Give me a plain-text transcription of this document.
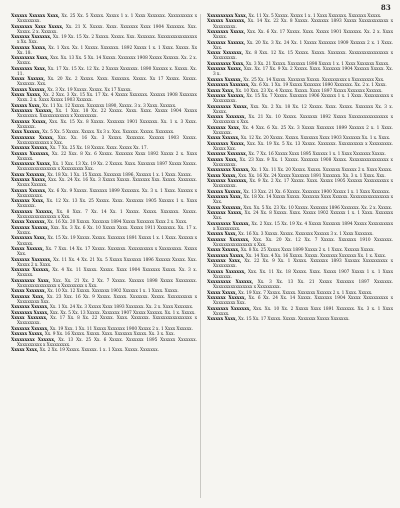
83

Xxxxxx Xxxxxx Xxxx, Xx. 25 Xx. 5 Xxxxx. Xxxxx 1 x. 1 Xxxx Xxxxxxx. Xxxxxxxxxx x Xxxxxxxxx.

Xxxxxxxx Xxxx Xxxxx, Xx. 21 X. Xxxxx. Xxxx. Xxxxxxx Xxxx 1904 Xxxxxxx. Xxx. Xxxxx. 2 x. Xxxxxx.

Xxxxxxx Xxxxxxx, Xx. 19 Xx. 15 Xx. 2 Xxxxx. Xxxxx. Xxx. Xxxxxxx. Xxxxxxxxxxxxxxxx x Xx. Xxx.

Xxxxxxx Xxxxx, Xx. 1 Xxx. Xx. 1 Xxxxx. Xxxxxxx. 1892 Xxxxx 1 x. 1 Xxxx. Xxxxx. Xx Xx. 18.

Xxxxxxxxx Xxxx, Xxx. Xx. 13 Xx. 5 Xx. 14 Xxxxx. Xxxxxxx 1908 Xxxxx Xxxxxx. Xx. 2 x. Xxxxx.

Xxxxxxxx Xxxx, Xx. 17 Xx. 15 Xx. 12 Xx. 2 Xxxxx Xxxxxxx. 1890 Xxxxxx x. Xxxxx. Xx. 11.

Xxxxx Xxxxxx, Xx. 20 Xx. 2 Xxxxx. Xxxx. Xxxxxxx. Xxxxx. Xx 17 Xxxxx. Xxxxx. Xxxxxxx. Xxx.

Xxxxxx Xxxxxx, Xx. 3 Xx. 19 Xxxxx. Xxxxx. Xx 17 Xxxxx.

Xxxxx Xxxxx, Xx. 2 Xxx. 3 Xx. 15 Xx. 17 Xx. 4 Xxxxx Xxxxxxx. Xxxxxx 1908 Xxxxxxx Xxxx. 2 x. Xxxx Xxxxx 1903 Xxxxxx.

Xxxxxx Xxxx, Xx. 11 Xx. 12 Xxxxx. Xxxxxxx 1890, Xxxxx. 3 x. 3 Xxxx. Xxxxxx.

Xxxxxxxx Xxxxxx, Xx. 1 Xxx. 18 Xx. 22 Xxxxx. Xxxx. Xxxx. Xxxxx 1904 Xxxxx Xxxxxxxx. Xxxxxxxxxxxx x Xxxxxxxxx.

Xxxxxxx Xxxxx, Xxx. Xx. 15 Xx. 8 Xxxxx. Xxxxxxx 1901 Xxxxxxx. Xx. 1 x. 3 Xxxx. Xxxxxxx.

Xxxx Xxxxxx, Xx. 5 Xx. 5 Xxxxx. Xxxxx. Xx 3 x. Xxx. Xxxxxx. Xxxxx. Xxxxxxx.

Xxxxxxxxx Xxxxx, Xxx. Xx. 16 Xx. 3 Xxxxx. Xxxxxxx. Xxxxxx 1903 Xxxxx. Xxxxxxxxxxxxx x Xxx.

Xxxxxxx Xxxxxx, Xx. 7 Xx. 25 Xx. 18 Xxxxx. Xxxx. Xxxxx Xx. 17.

Xxxxxx Xxxxxxx, Xx. 22 Xxx. 8 Xx. 6 Xxxxx. Xxxxxxx Xxxx 1892 Xxxxx 2 x. Xxxx Xxxxxx.

Xxxxxxxxx Xxxxx, Xx. 1 Xxx. 13 Xx. 19 Xx. 2 Xxxxx. Xxxx. Xxxxxxx 1897 Xxxxx Xxxxx. Xxxxxxxxxxxxxxxx x Xxxxxxxxx Xxx.

Xxxxx Xxxxxxx, Xx. 18 Xx. 1 Xx. 15 Xxxxx. Xxxxxxx 1896, Xxxxxx 1 x. 1 Xxxx. Xxxxx.

Xxxxxxx Xxxxx, Xxx. Xx. 24 Xx. 16 Xx. 3 Xxxxx Xxxxx. Xxxxxxx Xxx. Xxxxx. Xxxxxxx. Xxxxx Xxxxxx.

Xxxxxx Xxxxxx, Xx. 6 Xx. 9 Xxxxx. Xxxxxxx 1899 Xxxxxxx. Xx. 3 x. 1 Xxxx. Xxxxxx x Xxxxxxxxxx.

Xxxxxxx Xxxx, Xx. 12 Xx. 13 Xx. 25 Xxxxx. Xxxx. Xxxxxxx 1905 Xxxxxx 1 x. Xxxx Xxxxxxx.

Xxxxxxxx Xxxxxx, Xx. 8 Xxx. 7 Xx. 14 Xx. 1 Xxxxx. Xxxxx. Xxxxxxx. Xxxxx. Xxxxxxxxxxxxxxxx x Xxx.

Xxxxx Xxxxxxx, Xx. 16 Xx. 20 Xxxxx. Xxxxxxx 1894 Xxxxx Xxxxxxx Xxxx 2 x. Xxxx.

Xxxxxxx Xxxxxx, Xxx. Xx. 3 Xx. 6 Xx. 10 Xxxxx Xxxx. Xxxxx 1911 Xxxxxxx. Xx. 17 x. Xxxxx.

Xxxxxxxx Xxxx, Xx. 15 Xx. 19 Xxxxx. Xxxxx. Xxxxxxx 1891 Xxxxx 1 x. 1 Xxxx. Xxxxxx x Xxxxxx.

Xxxxx Xxxxxx, Xx. 7 Xxx. 14 Xx. 17 Xxxxx. Xxxxxxx. Xxxxxxxxxx x Xxxxxxxxx. Xxxxx Xxx.

Xxxxxxx Xxxxxxx, Xx. 11 Xx. 4 Xx. 21 Xx. 5 Xxxxx Xxxxxxx 1896 Xxxxxx Xxxxx. Xxx. Xxxxx 2 x. Xxxx.

Xxxxxxx Xxxxxx, Xx. 4 Xx. 11 Xxxxx. Xxxxx. Xxxx 1904 Xxxxxxx Xxxxx. Xx. 3 x. Xxxxxx.

Xxxxxxxxx Xxxx, Xxx. Xx. 21 Xx. 2 Xx. 7 Xxxxx. Xxxxxx 1898 Xxxxx Xxxxxxxx. Xxxxxxxxxxxxxxxx x Xxxxxxxxx x Xxx.

Xxxxx Xxxxxxx, Xx. 10 Xx. 12 Xxxxx. Xxxxxxx 1902 Xxxxxx 1 x. 1 Xxxx. Xxxxx.

Xxxxxxx Xxxx, Xx. 23 Xxx. 16 Xx. 9 Xxxxx. Xxxxx. Xxxxxxx. Xxxxx. Xxxxxxxxxx x Xxxxxxxxx Xxx.

Xxxxxxx Xxxxxx, Xx. 1 Xx. 24 Xx. 3 Xxxxx Xxxx 1893 Xxxxxxx. Xx. 2 x. Xxxx Xxxxxxx.

Xxxxxxxx Xxxxx, Xxx. Xx. 5 Xx. 13 Xxxxx. Xxxxxxx 1907 Xxxxx Xxxxxx. Xx. 1 x. Xxxxx.

Xxxxx Xxxxxxx, Xx. 17 Xx. 8 Xx. 22 Xxxxx. Xxxx. Xxxxxxx. Xxxxxxxxxxxxxxxx x Xxxxxxxxx.

Xxxxxxx Xxxxxx, Xx. 19 Xxx. 1 Xx. 11 Xxxxx Xxxxxxx 1900 Xxxxx 2 x. 1 Xxxx Xxxxxx.

Xxxxxx Xxxxx, Xx. 9 Xx. 16 Xxxxx. Xxxxx. Xxxx. Xxxxxxx Xxxxx. Xx. 3 x. Xxx.

Xxxxxxxxx Xxxxxx, Xx. 13 Xx. 25 Xx. 6 Xxxxx. Xxxxxxx 1895 Xxxxxx Xxxxxxx. Xxxxxxxxxx x Xxxxxxxxx.

Xxxxx Xxxx, Xx. 2 Xx. 19 Xxxxx. Xxxxxx. 1 x. 1 Xxxx. Xxxxx. Xxxxxxx.

Xxxxxxxxxx Xxxx, Xx. 11 Xx. 5 Xxxxx. Xxxxx 1 x. 1 Xxxx Xxxxxxx. Xxxxxxx Xxxxx.

Xxxxxx Xxxxxxx, Xx. 14 Xx. 22 Xx. 8 Xxxxx. Xxxxxxx 1893 Xxxxx Xxxxxxxxxxxx x Xxxxxxxxx.

Xxxxxxxx Xxxxx, Xxx. Xx. 6 Xx. 17 Xxxxx. Xxxx. Xxxxx 1901 Xxxxxxx. Xx. 2 x. Xxxx Xxxxx.

Xxxxxxx Xxxxxx, Xx. 20 Xx. 3 Xx. 24 Xx. 1 Xxxxx Xxxxxxx 1909 Xxxxxx 2 x. 1 Xxxx. Xxx.

Xxxxx Xxxxxxx, Xx. 8 Xxx. 12 Xx. 15 Xxxxx. Xxxxx. Xxxxxxx. Xxxxxxxxxxxxxxxx x Xxxxxxxxx.

Xxxxxxxxx Xxxx, Xx. 3 Xx. 21 Xxxxx. Xxxxxxx 1898 Xxxxx 1 x. 1 Xxxx Xxxxxxx Xxxxx.

Xxxxxxx Xxxxx, Xxx. Xx. 17 Xx. 9 Xx. 2 Xxxxx. Xxxx. Xxxxxxx 1904 Xxxxxx Xxxxx. Xx. 3 x.

Xxxxxx Xxxxxx, Xx. 25 Xx. 14 Xxxxx. Xxxxxxx Xxxxx. Xxxxxxxxxx x Xxxxxxxxx Xxx.

Xxxxxxxx Xxxxxxx, Xx. 6 Xx. 1 Xx. 19 Xxxxx Xxxxxxx 1890 Xxxxxxx. Xx. 2 x. 1 Xxxx.

Xxxxx Xxxx, Xx. 10 Xxx. 23 Xx. 4 Xxxxx. Xxxxx. Xxxx 1897 Xxxxx Xxxxxxx Xxxxxx.

Xxxxxxx Xxxxxx, Xx. 15 Xx. 7 Xxxxx. Xxxxxxx 1906 Xxxxxx 1 x. 1 Xxxx. Xxxxxxxxxx x Xxxxxxxxx.

Xxxxxxxxx Xxxxx, Xxx. Xx. 2 Xx. 18 Xx. 12 Xxxxx. Xxxx. Xxxxx. Xxxxxxx Xx. 3 x. Xxxxx.

Xxxxxx Xxxxxxx, Xx. 21 Xx. 10 Xxxxx. Xxxxxxx 1892 Xxxxx Xxxxxxxxxxxxxxxx x Xxxxxxxxx x Xxx.

Xxxxxxx Xxxx, Xx. 4 Xxx. 6 Xx. 25 Xx. 3 Xxxxx Xxxxxxx 1899 Xxxxxx 2 x. 1 Xxxx. Xxxxxxx.

Xxxxx Xxxxxx, Xx. 12 Xx. 20 Xxxxx. Xxxxx. Xxxxxxx Xxxx 1903 Xxxxxxx Xx. 1 x. Xxxx.

Xxxxxxxx Xxxxx, Xxx. Xx. 19 Xx. 5 Xx. 13 Xxxxx. Xxxxxxx. Xxxxxxxxxx x Xxxxxxxxx. Xxxxx Xxx.

Xxxxxxx Xxxxxxx, Xx. 7 Xx. 16 Xxxxx Xxxx 1895 Xxxxxx 1 x. 1 Xxxx Xxxxxxx Xxxxx.

Xxxxxx Xxxx, Xx. 23 Xxx. 9 Xx. 1 Xxxxx. Xxxxxxx 1908 Xxxxx. Xxxxxxxxxxxxxxxx x Xxxxxxxxx.

Xxxxxxxxx Xxxxxx, Xx. 1 Xx. 11 Xx. 20 Xxxxx. Xxxxx. Xxxxxxx Xxxxxx 2 x. Xxxx Xxxxx.

Xxxxx Xxxxx, Xxx. Xx. 16 Xx. 24 Xxxxx Xxxxxxx 1891 Xxxxxxx. Xx. 3 x. 1 Xxxx. Xxx.

Xxxxxxx Xxxxxxx, Xx. 9 Xx. 2 Xx. 17 Xxxxx. Xxxx. Xxxxx 1905 Xxxxxx Xxxxxxxxxx x Xxxxxxxxx.

Xxxxxx Xxxxxx, Xx. 13 Xxx. 21 Xx. 6 Xxxxx. Xxxxxxx 1900 Xxxxx 1 x. 1 Xxxx Xxxxxxx.

Xxxxxxxx Xxxx, Xx. 18 Xx. 14 Xxxxx Xxxxx. Xxxxxxx Xxxx Xxxxxx. Xxxxxxxxxxxxxxxx x Xxx.

Xxxxx Xxxxxxx, Xxx. Xx. 5 Xx. 23 Xx. 10 Xxxxx. Xxxxxxx 1896 Xxxxxxx. Xx. 2 x. Xxxxx.

Xxxxxxx Xxxxx, Xx. 24 Xx. 8 Xxxxx. Xxxx. Xxxxx 1902 Xxxxxx 1 x. 1 Xxxx. Xxxxxxx Xxx.

Xxxxxxxxx Xxxxxx, Xx. 2 Xxx. 15 Xx. 19 Xx. 4 Xxxxx Xxxxxxx 1894 Xxxxx Xxxxxxxxxx x Xxxxxxxxx.

Xxxxxx Xxxx, Xx. 16 Xx. 3 Xxxxx. Xxxxx. Xxxxxxx Xxxxxx 3 x. 1 Xxxx Xxxxxxx.

Xxxxxxx Xxxxxxx, Xxx. Xx. 20 Xx. 12 Xx. 7 Xxxxx. Xxxxxxx 1910 Xxxxxxx. Xxxxxxxxxxxxxxxx x Xxx.

Xxxxx Xxxxxx, Xx. 8 Xx. 25 Xxxxx Xxxx 1899 Xxxxx 2 x. 1 Xxxx. Xxxxxx Xxxxx.

Xxxxxxxx Xxxxx, Xx. 14 Xxx. 4 Xx. 16 Xxxxx. Xxxxx. Xxxxxxx Xxxxxxx Xx. 1 x. Xxxx.

Xxxxxxx Xxxx, Xx. 22 Xx. 9 Xx. 1 Xxxxx. Xxxxxxx 1893 Xxxxxx Xxxxxxxxxx x Xxxxxxxxx.

Xxxxxx Xxxxxxx, Xxx. Xx. 11 Xx. 18 Xxxxx. Xxxx. Xxxxx 1907 Xxxxx 1 x. 1 Xxxx Xxxxxxx.

Xxxxxxxxx Xxxxxx, Xx. 3 Xx. 13 Xx. 21 Xxxxx Xxxxxxx 1897 Xxxxxxx. Xxxxxxxxxxxxxxxx x Xxxxxxxxx.

Xxxxx Xxxxx, Xx. 19 Xxx. 7 Xxxxx. Xxxxx. Xxxxxxx Xxxxxx 2 x. 1 Xxxx. Xxxxx.

Xxxxxxx Xxxxxx, Xx. 6 Xx. 24 Xx. 14 Xxxxx. Xxxxxxx 1904 Xxxxx Xxxxxxxxxx x Xxxxxxxxx Xxx.

Xxxxxxxx Xxxxxxx, Xxx. Xx. 10 Xx. 2 Xxxxx Xxxx 1891 Xxxxxxx. Xx. 3 x. 1 Xxxx Xxxxxx.

Xxxxxx Xxxx, Xx. 15 Xx. 17 Xxxxx. Xxxxx. Xxxxxxx Xxxxx Xxxxxxx.
